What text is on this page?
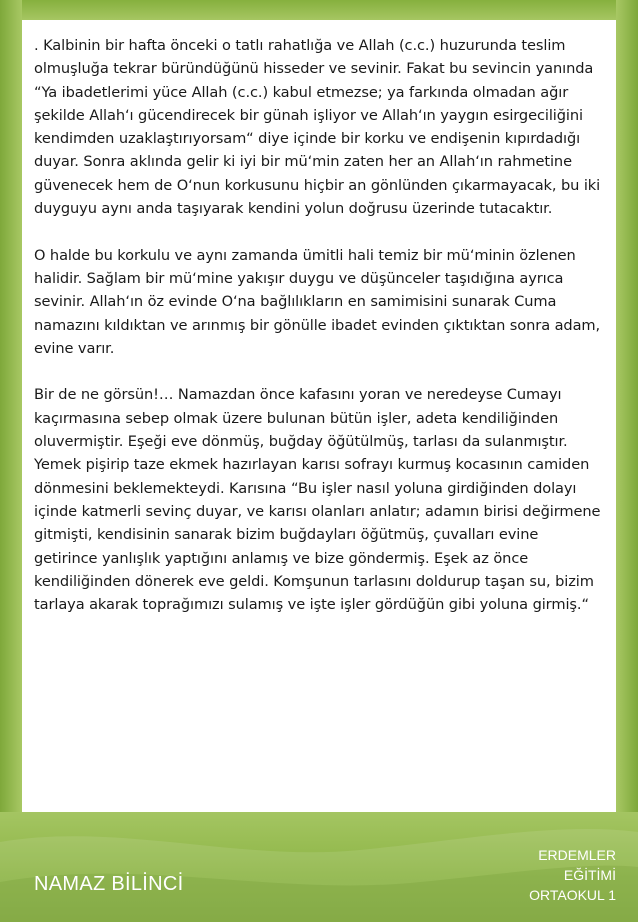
. Kalbinin bir hafta önceki o tatlı rahatlığa ve Allah (c.c.) huzurunda teslim olmuşluğa tekrar büründüğünü hisseder ve sevinir. Fakat bu sevincin yanında “Ya ibadetlerimi yüce Allah (c.c.) kabul etmezse; ya farkında olmadan ağır şekilde Allah‘ı gücendirecek bir günah işliyor ve Allah‘ın yaygın esirgeciliğini kendimden uzaklaştırıyorsam“ diye içinde bir korku ve endişenin kıpırdadığı duyar. Sonra aklında gelir ki iyi bir mü‘min zaten her an Allah‘ın rahmetine güvenecek hem de O‘nun korkusunu hiçbir an gönlünden çıkarmayacak, bu iki duyguyu aynı anda taşıyarak kendini yolun doğrusu üzerinde tutacaktır.

O halde bu korkulu ve aynı zamanda ümitli hali temiz bir mü‘minin özlenen halidir. Sağlam bir mü‘mine yakışır duygu ve düşünceler taşıdığına ayrıca sevinir. Allah‘ın öz evinde O‘na bağlılıkların en samimisini sunarak Cuma namazını kıldıktan ve arınmış bir gönülle ibadet evinden çıktıktan sonra adam, evine varır.

Bir de ne görsün!… Namazdan önce kafasını yoran ve neredeyse Cumayı kaçırmasına sebep olmak üzere bulunan bütün işler, adeta kendiliğinden oluvermiştir. Eşeği eve dönmüş, buğday öğütülmüş, tarlası da sulanmıştır. Yemek pişirip taze ekmek hazırlayan karısı sofrayı kurmuş kocasının camiden dönmesini beklemekteydi. Karısına “Bu işler nasıl yoluna girdiğinden dolayı içinde katmerli sevinç duyar, ve karısı olanları anlatır; adamın birisi değirmene gitmişti, kendisinin sanarak bizim buğdayları öğütmüş, çuvalları evine getirince yanlışlık yaptığını anlamış ve bize göndermiş. Eşek az önce kendiliğinden dönerek eve geldi. Komşunun tarlasını doldurup taşan su, bizim tarlaya akarak toprağımızı sulamış ve işte işler gördüğün gibi yoluna girmiş.“

NAMAZ BİLİNCİ
ERDEMLER
EĞİTİMİ
ORTAOKUL 1
